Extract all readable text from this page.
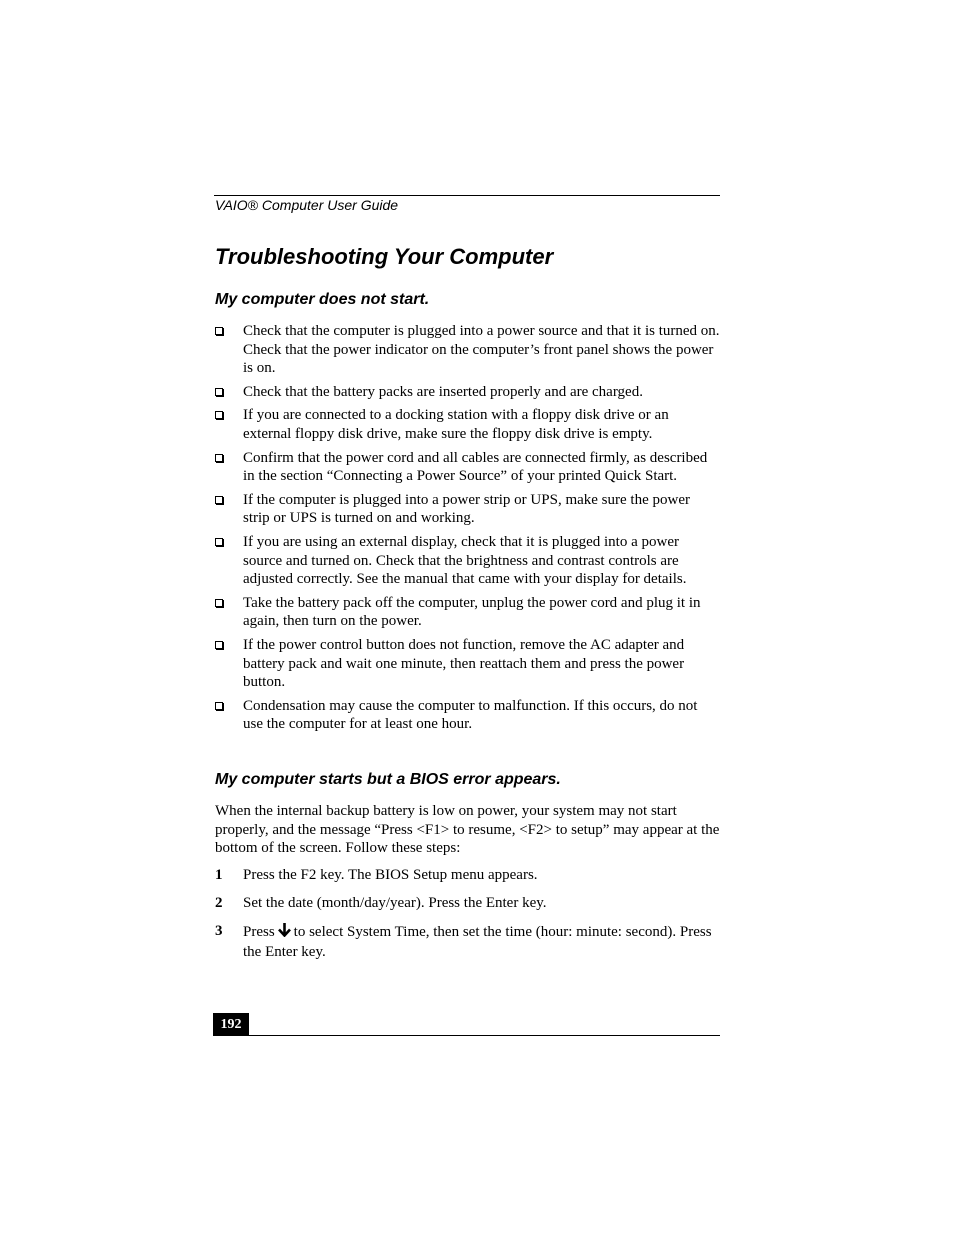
VAIO® Computer User Guide
Troubleshooting Your Computer
My computer does not start.
Check that the computer is plugged into a power source and that it is turned on. Check that the power indicator on the computer’s front panel shows the power is on.
Check that the battery packs are inserted properly and are charged.
If you are connected to a docking station with a floppy disk drive or an external floppy disk drive, make sure the floppy disk drive is empty.
Confirm that the power cord and all cables are connected firmly, as described in the section “Connecting a Power Source” of your printed Quick Start.
If the computer is plugged into a power strip or UPS, make sure the power strip or UPS is turned on and working.
If you are using an external display, check that it is plugged into a power source and turned on. Check that the brightness and contrast controls are adjusted correctly. See the manual that came with your display for details.
Take the battery pack off the computer, unplug the power cord and plug it in again, then turn on the power.
If the power control button does not function, remove the AC adapter and battery pack and wait one minute, then reattach them and press the power button.
Condensation may cause the computer to malfunction. If this occurs, do not use the computer for at least one hour.
My computer starts but a BIOS error appears.

When the internal backup battery is low on power, your system may not start properly, and the message “Press <F1> to resume, <F2> to setup” may appear at the bottom of the screen. Follow these steps:

1 Press the F2 key. The BIOS Setup menu appears.
2 Set the date (month/day/year). Press the Enter key.
3 Press to select System Time, then set the time (hour: minute: second). Press the Enter key.
192
